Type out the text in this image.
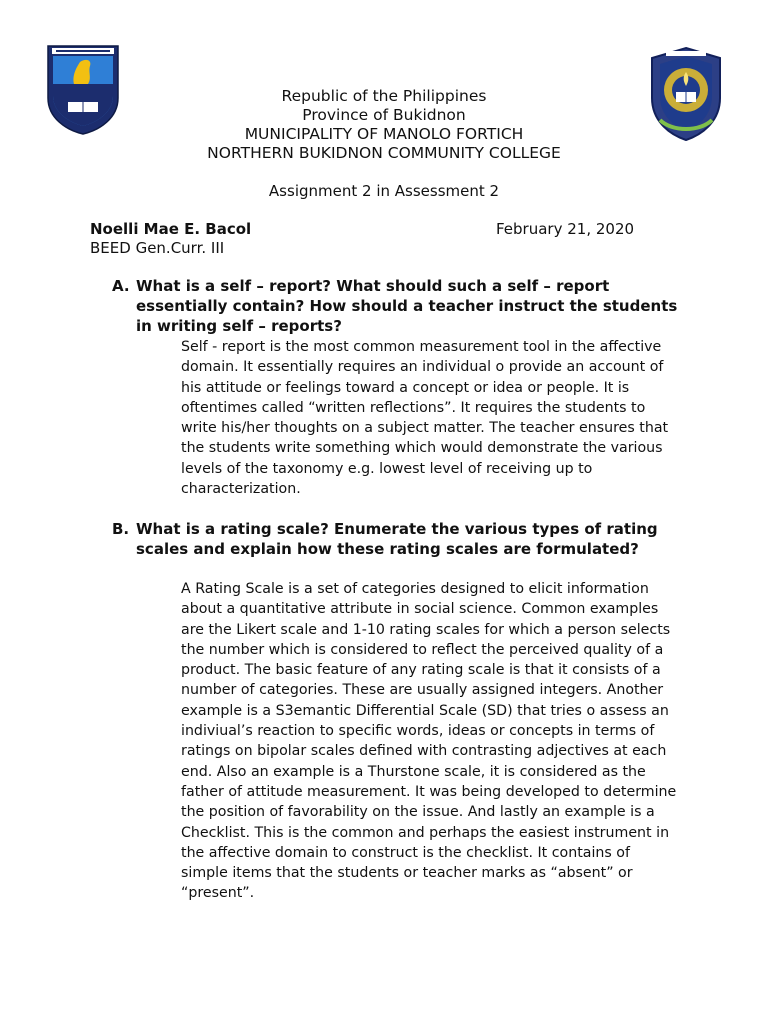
Republic of the Philippines
Province of Bukidnon
MUNICIPALITY OF MANOLO FORTICH
NORTHERN BUKIDNON COMMUNITY COLLEGE
Assignment 2 in Assessment 2
Noelli Mae E. Bacol	February 21, 2020
BEED Gen.Curr. III
A. What is a self – report? What should such a self – report essentially contain? How should a teacher instruct the students in writing self – reports?
Self - report is the most common measurement tool in the affective domain. It essentially requires an individual o provide an account of his attitude or feelings toward a concept or idea or people. It is oftentimes called “written reflections”. It requires the students to write his/her thoughts on a subject matter. The teacher ensures that the students write something which would demonstrate the various levels of the taxonomy e.g. lowest level of receiving up to characterization.
B. What is a rating scale? Enumerate the various types of rating scales and explain how these rating scales are formulated?
A Rating Scale is a set of categories designed to elicit information about a quantitative attribute in social science. Common examples are the Likert scale and 1-10 rating scales for which a person selects the number which is considered to reflect the perceived quality of a product. The basic feature of any rating scale is that it consists of a number of categories. These are usually assigned integers. Another example is a S3emantic Differential Scale (SD) that tries o assess an indiviual’s reaction to specific words, ideas or concepts in terms of ratings on bipolar scales defined with contrasting adjectives at each end. Also an example is a Thurstone scale, it is considered as the father of attitude measurement. It was being developed to determine the position of favorability on the issue. And lastly an example is a Checklist. This is the common and perhaps the easiest instrument in the affective domain to construct is the checklist. It contains of simple items that the students or teacher marks as “absent” or “present”.
